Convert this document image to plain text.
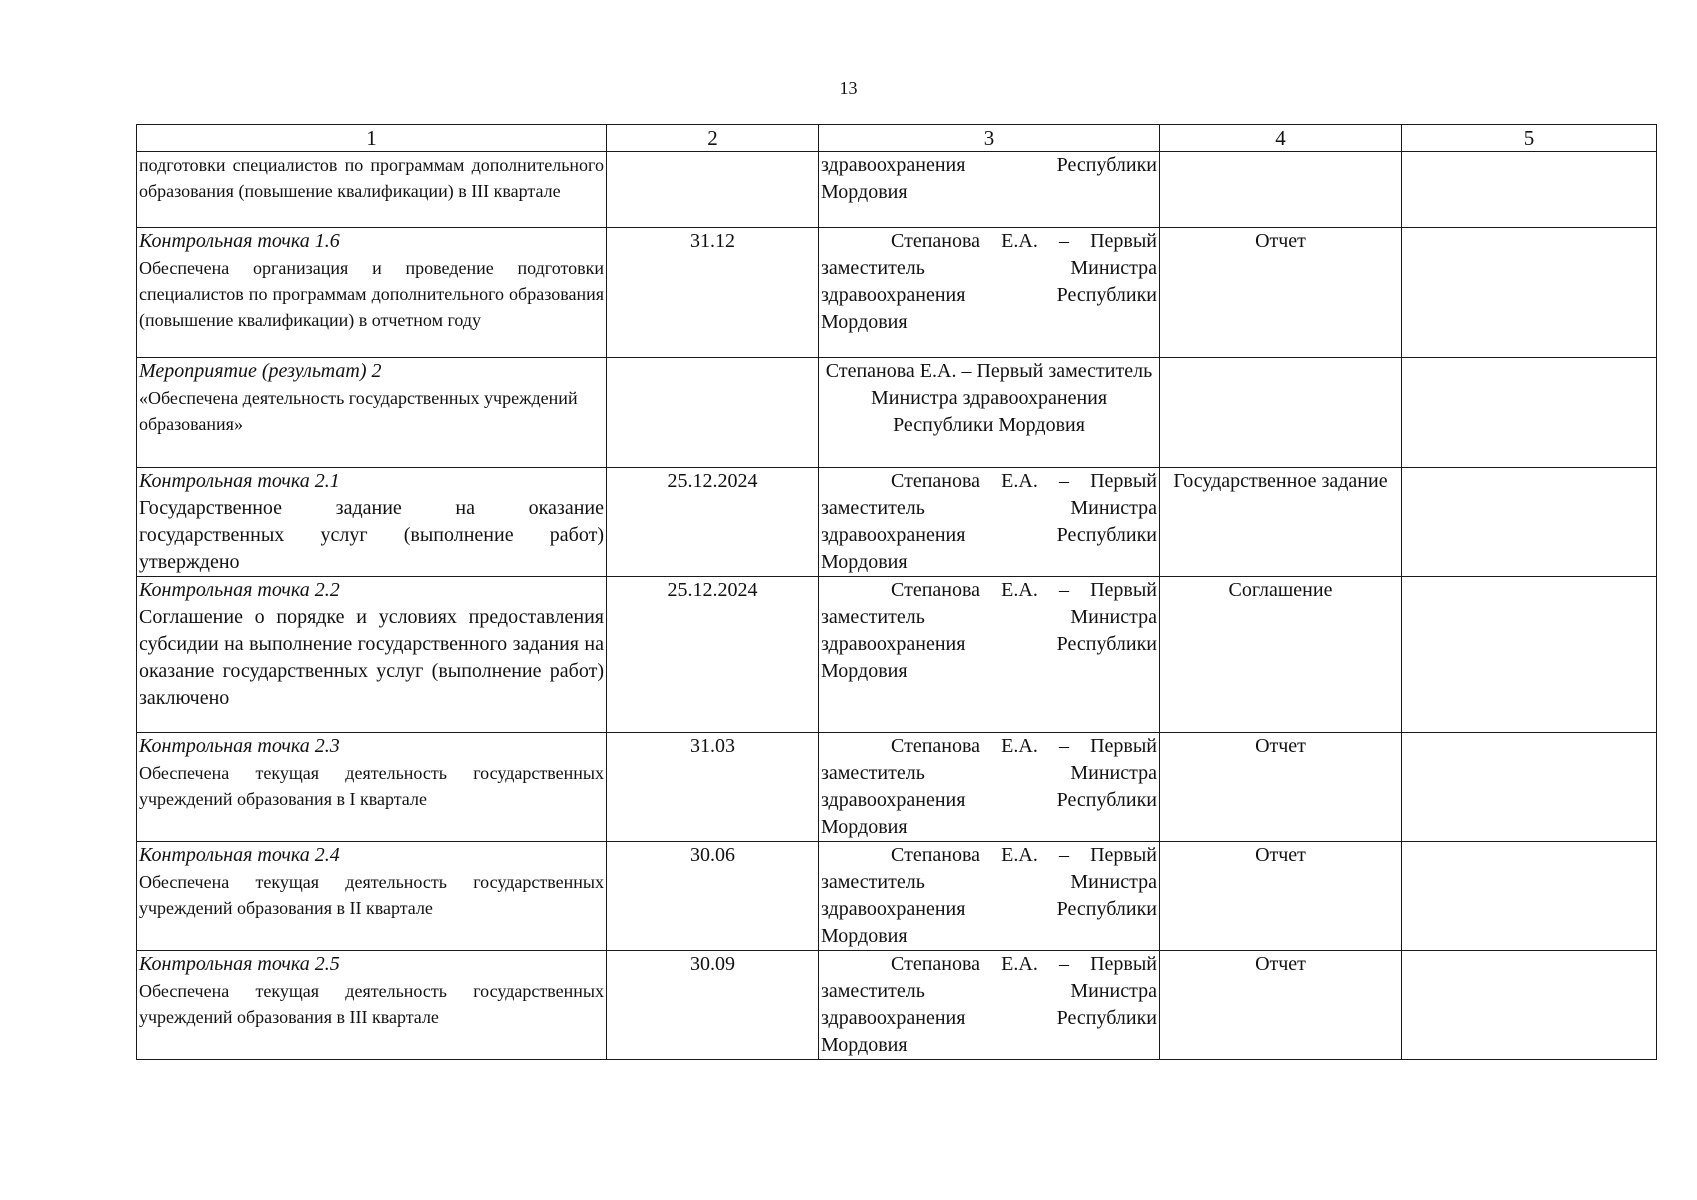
13
1	2	3	4	5

подготовки специалистов по программам дополнительного образования (повышение квалификации) в III квартале		здравоохранения Республики Мордовия		

Контрольная точка 1.6
Обеспечена организация и проведение подготовки специалистов по программам дополнительного образования (повышение квалификации) в отчетном году	31.12	Степанова Е.А. – Первый заместитель Министра здравоохранения Республики Мордовия	Отчет	

Мероприятие (результат) 2
«Обеспечена деятельность государственных учреждений образования»		Степанова Е.А. – Первый заместитель Министра здравоохранения Республики Мордовия		

Контрольная точка 2.1
Государственное задание на оказание государственных услуг (выполнение работ) утверждено	25.12.2024	Степанова Е.А. – Первый заместитель Министра здравоохранения Республики Мордовия	Государственное задание	

Контрольная точка 2.2
Соглашение о порядке и условиях предоставления субсидии на выполнение государственного задания на оказание государственных услуг (выполнение работ) заключено	25.12.2024	Степанова Е.А. – Первый заместитель Министра здравоохранения Республики Мордовия	Соглашение	

Контрольная точка 2.3
Обеспечена текущая деятельность государственных учреждений образования в I квартале	31.03	Степанова Е.А. – Первый заместитель Министра здравоохранения Республики Мордовия	Отчет	

Контрольная точка 2.4
Обеспечена текущая деятельность государственных учреждений образования в II квартале	30.06	Степанова Е.А. – Первый заместитель Министра здравоохранения Республики Мордовия	Отчет	

Контрольная точка 2.5
Обеспечена текущая деятельность государственных учреждений образования в III квартале	30.09	Степанова Е.А. – Первый заместитель Министра здравоохранения Республики Мордовия	Отчет	
